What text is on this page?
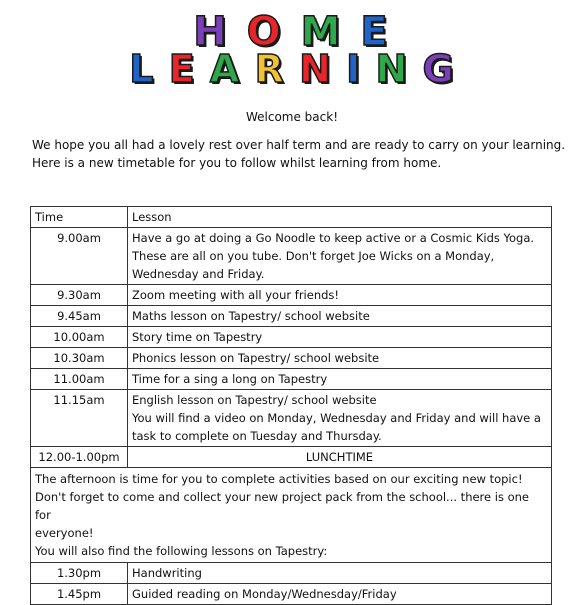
H O M E
L E A R N I N G
Welcome back!
We hope you all had a lovely rest over half term and are ready to carry on your learning.
Here is a new timetable for you to follow whilst learning from home.
Time	Lesson
9.00am	Have a go at doing a Go Noodle to keep active or a Cosmic Kids Yoga.
These are all on you tube. Don't forget Joe Wicks on a Monday,
Wednesday and Friday.

9.30am	Zoom meeting with all your friends!
9.45am	Maths lesson on Tapestry/ school website
10.00am	Story time on Tapestry
10.30am	Phonics lesson on Tapestry/ school website
11.00am	Time for a sing a long on Tapestry
11.15am	English lesson on Tapestry/ school website
You will find a video on Monday, Wednesday and Friday and will have a
task to complete on Tuesday and Thursday.

12.00-1.00pm	LUNCHTIME

The afternoon is time for you to complete activities based on our exciting new topic!
Don't forget to come and collect your new project pack from the school... there is one for
everyone!
You will also find the following lessons on Tapestry:	

1.30pm	Handwriting
1.45pm	Guided reading on Monday/Wednesday/Friday
